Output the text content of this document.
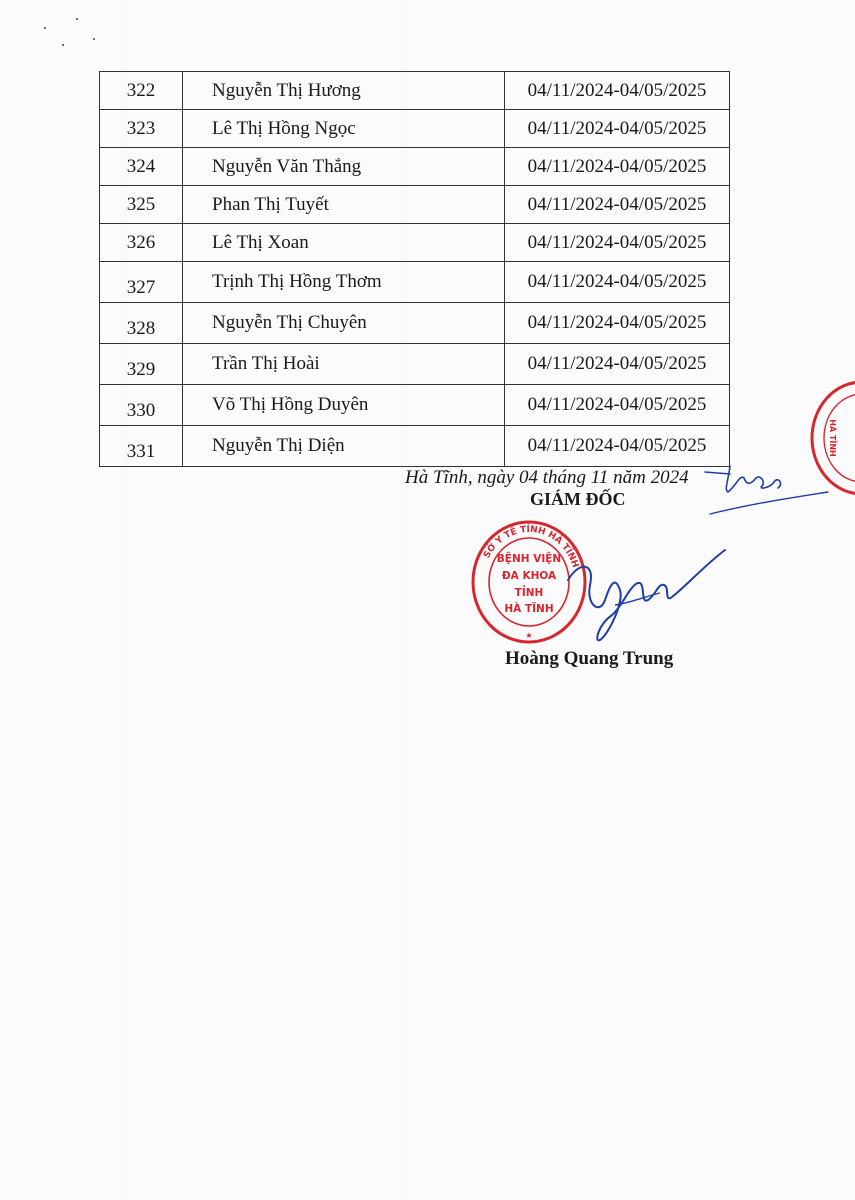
322	Nguyễn Thị Hương	04/11/2024-04/05/2025
323	Lê Thị Hồng Ngọc	04/11/2024-04/05/2025
324	Nguyễn Văn Thắng	04/11/2024-04/05/2025
325	Phan Thị Tuyết	04/11/2024-04/05/2025
326	Lê Thị Xoan	04/11/2024-04/05/2025
327	Trịnh Thị Hồng Thơm	04/11/2024-04/05/2025
328	Nguyễn Thị Chuyên	04/11/2024-04/05/2025
329	Trần Thị Hoài	04/11/2024-04/05/2025
330	Võ Thị Hồng Duyên	04/11/2024-04/05/2025
331	Nguyễn Thị Diện	04/11/2024-04/05/2025
Hà Tĩnh, ngày 04 tháng 11 năm 2024
GIÁM ĐỐC
SỞ Y TẾ TỈNH HÀ TĨNH
BỆNH VIỆN
ĐA KHOA
TỈNH
HÀ TĨNH
★
HÀ TĨNH
Hoàng Quang Trung
